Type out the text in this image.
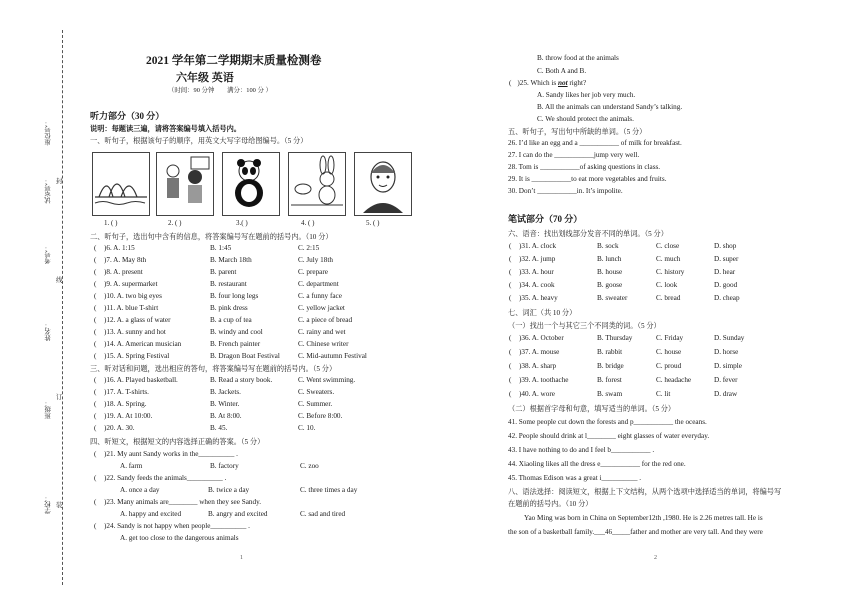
座位号：
试室号：
考号：
姓名：
班级：
学校：
封
线
订
装
2021 学年第二学期期末质量检测卷
六年级 英语
（时间：90 分钟　　满分：100 分 ）
听力部分（30 分）
说明：每题读三遍，请将答案编号填入括号内。
一、听句子，根据该句子的顺序，用英文大写字母给图编号。（5 分）
1. ( )	2. ( )	3.( )	4. ( )	5. ( )
二、听句子，选出句中含有的信息，将答案编号写在题前的括号内。（10 分）
( )6. A. 1:15	B. 1:45	C. 2:15
( )7. A. May 8th	B. March 18th	C. July 18th
( )8. A. present	B. parent	C. prepare
( )9. A. supermarket	B. restaurant	C. department
( )10. A. two big eyes	B. four long legs	C. a funny face
( )11. A. blue T-shirt	B. pink dress	C. yellow jacket
( )12. A. a glass of water	B. a cup of tea	C. a piece of bread
( )13. A. sunny and hot	B. windy and cool	C. rainy and wet
( )14. A. American musician	B. French painter	C. Chinese writer
( )15. A. Spring Festival	B. Dragon Boat Festival	C. Mid-autumn Festival
三、听对话和问题，选出相应的答句，将答案编号写在题前的括号内。（5 分）
( )16. A. Played basketball.	B. Read a story book.	C. Went swimming.
( )17. A. T-shirts.	B. Jackets.	C. Sweaters.
( )18. A. Spring.	B. Winter.	C. Summer.
( )19. A. At 10:00.	B. At 8:00.	C. Before 8:00.
( )20. A. 30.	B. 45.	C. 10.
四、听短文，根据短文的内容选择正确的答案。（5 分）
( )21. My aunt Sandy works in the__________ .
A. farm	B. factory	C. zoo
( )22. Sandy feeds the animals__________ .
A. once a day	B. twice a day	C. three times a day
( )23. Many animals are________ when they see Sandy.
A. happy and excited	B. angry and excited	C. sad and tired
( )24. Sandy is not happy when people__________ .
A. get too close to the dangerous animals
1
B. throw food at the animals
C. Both A and B.
( )25. Which is not right?
A. Sandy likes her job very much.
B. All the animals can understand Sandy’s talking.
C. We should protect the animals.
五、听句子，写出句中所缺的单词。（5 分）
26. I’d like an egg and a ___________ of milk for breakfast.
27. I can do the ___________jump very well.
28. Tom is ___________of asking questions in class.
29. It is ___________to eat more vegetables and fruits.
30. Don’t ___________in. It’s impolite.
笔试部分（70 分）
六、语音：找出划线部分发音不同的单词。（5 分）
( )31. A. clock	B. sock	C. close	D. shop
( )32. A. jump	B. lunch	C. much	D. super
( )33. A. hour	B. house	C. history	D. hear
( )34. A. cook	B. goose	C. look	D. good
( )35. A. heavy	B. sweater	C. bread	D. cheap
七、词汇（共 10 分）
（一）找出一个与其它三个不同类的词。（5 分）
( )36. A. October	B. Thursday	C. Friday	D. Sunday
( )37. A. mouse	B. rabbit	C. house	D. horse
( )38. A. sharp	B. bridge	C. proud	D. simple
( )39. A. toothache	B. forest	C. headache	D. fever
( )40. A. wore	B. swam	C. lit	D. draw
（二）根据首字母和句意，填写适当的单词。（5 分）
41. Some people cut down the forests and p___________ the oceans.
42. People should drink at l________ eight glasses of water everyday.
43. I have nothing to do and I feel b___________ .
44. Xiaoling likes all the dress e___________ for the red one.
45. Thomas Edison was a great i__________ .
八、语法选择：阅读短文，根据上下文结构，从两个选项中选择适当的单词，将编号写
在题前的括号内。（10 分）
Yao Ming was born in China on September12th ,1980. He is 2.26 metres tall. He is
the son of a basketball family.___46_____father and mother are very tall. And they were
2
